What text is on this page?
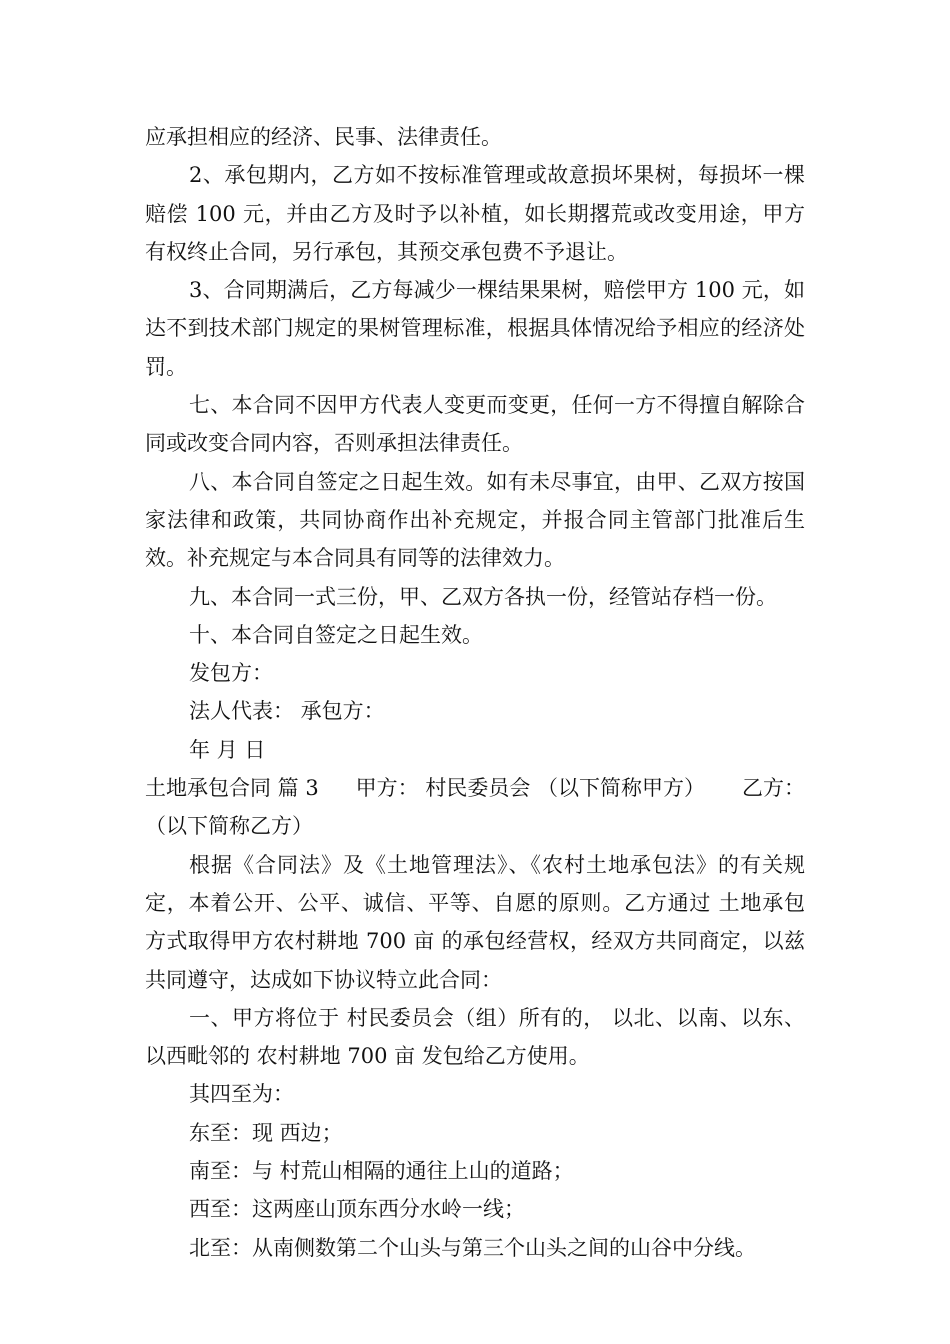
应承担相应的经济、民事、法律责任。

2、承包期内，乙方如不按标准管理或故意损坏果树，每损坏一棵赔偿 100 元，并由乙方及时予以补植，如长期撂荒或改变用途，甲方有权终止合同，另行承包，其预交承包费不予退让。

3、合同期满后，乙方每减少一棵结果果树，赔偿甲方 100 元，如达不到技术部门规定的果树管理标准，根据具体情况给予相应的经济处罚。

七、本合同不因甲方代表人变更而变更，任何一方不得擅自解除合同或改变合同内容，否则承担法律责任。

八、本合同自签定之日起生效。如有未尽事宜，由甲、乙双方按国家法律和政策，共同协商作出补充规定，并报合同主管部门批准后生效。补充规定与本合同具有同等的法律效力。

九、本合同一式三份，甲、乙双方各执一份，经管站存档一份。

十、本合同自签定之日起生效。

发包方：

法人代表： 承包方：

年 月 日

土地承包合同 篇 3 甲方： 村民委员会 （以下简称甲方） 乙方：

（以下简称乙方）

根据《合同法》及《土地管理法》、《农村土地承包法》的有关规定，本着公开、公平、诚信、平等、自愿的原则。乙方通过 土地承包 方式取得甲方农村耕地 700 亩 的承包经营权，经双方共同商定，以兹共同遵守，达成如下协议特立此合同：

一、甲方将位于 村民委员会（组）所有的， 以北、以南、以东、以西毗邻的 农村耕地 700 亩 发包给乙方使用。

其四至为：

东至：现 西边；

南至：与 村荒山相隔的通往上山的道路；

西至：这两座山顶东西分水岭一线；

北至：从南侧数第二个山头与第三个山头之间的山谷中分线。
